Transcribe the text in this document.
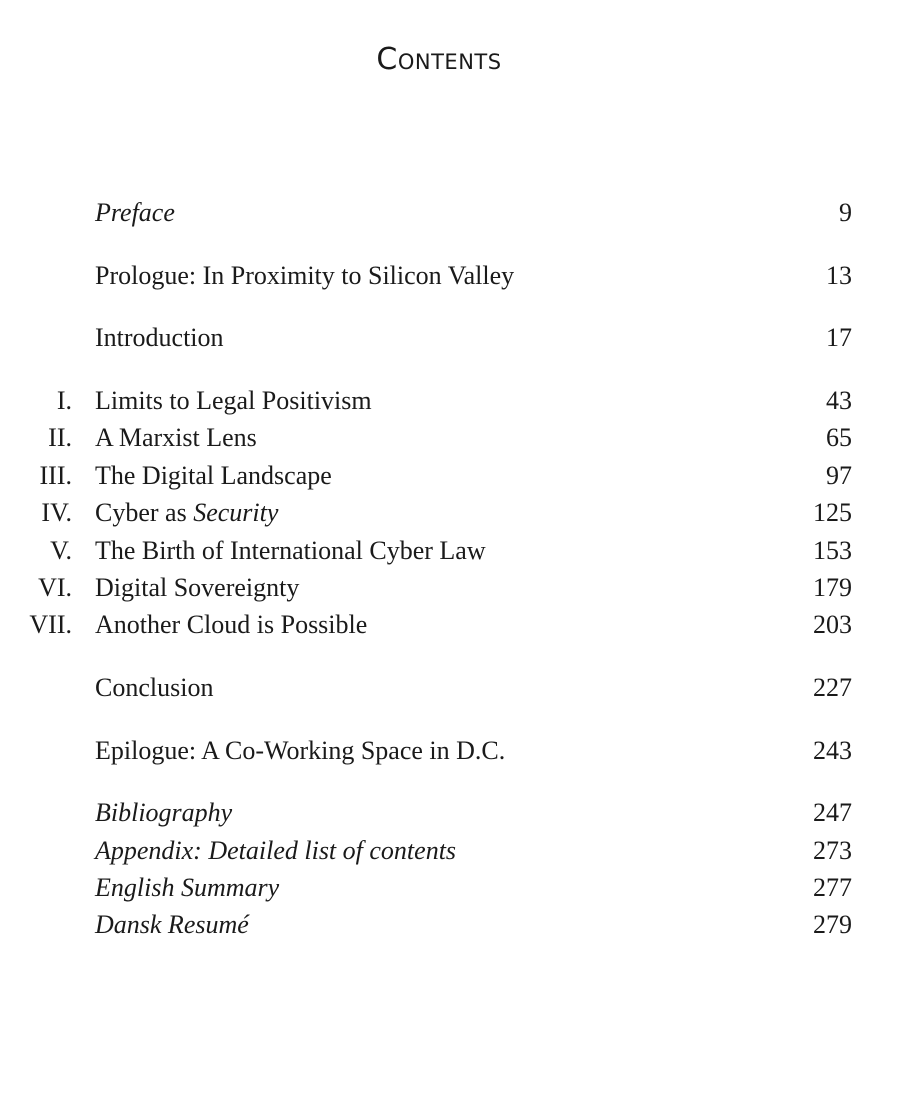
Contents
Preface	9
Prologue: In Proximity to Silicon Valley	13
Introduction	17
I. Limits to Legal Positivism	43
II. A Marxist Lens	65
III. The Digital Landscape	97
IV. Cyber as Security	125
V. The Birth of International Cyber Law	153
VI. Digital Sovereignty	179
VII. Another Cloud is Possible	203
Conclusion	227
Epilogue: A Co-Working Space in D.C.	243
Bibliography	247
Appendix: Detailed list of contents	273
English Summary	277
Dansk Resumé	279
